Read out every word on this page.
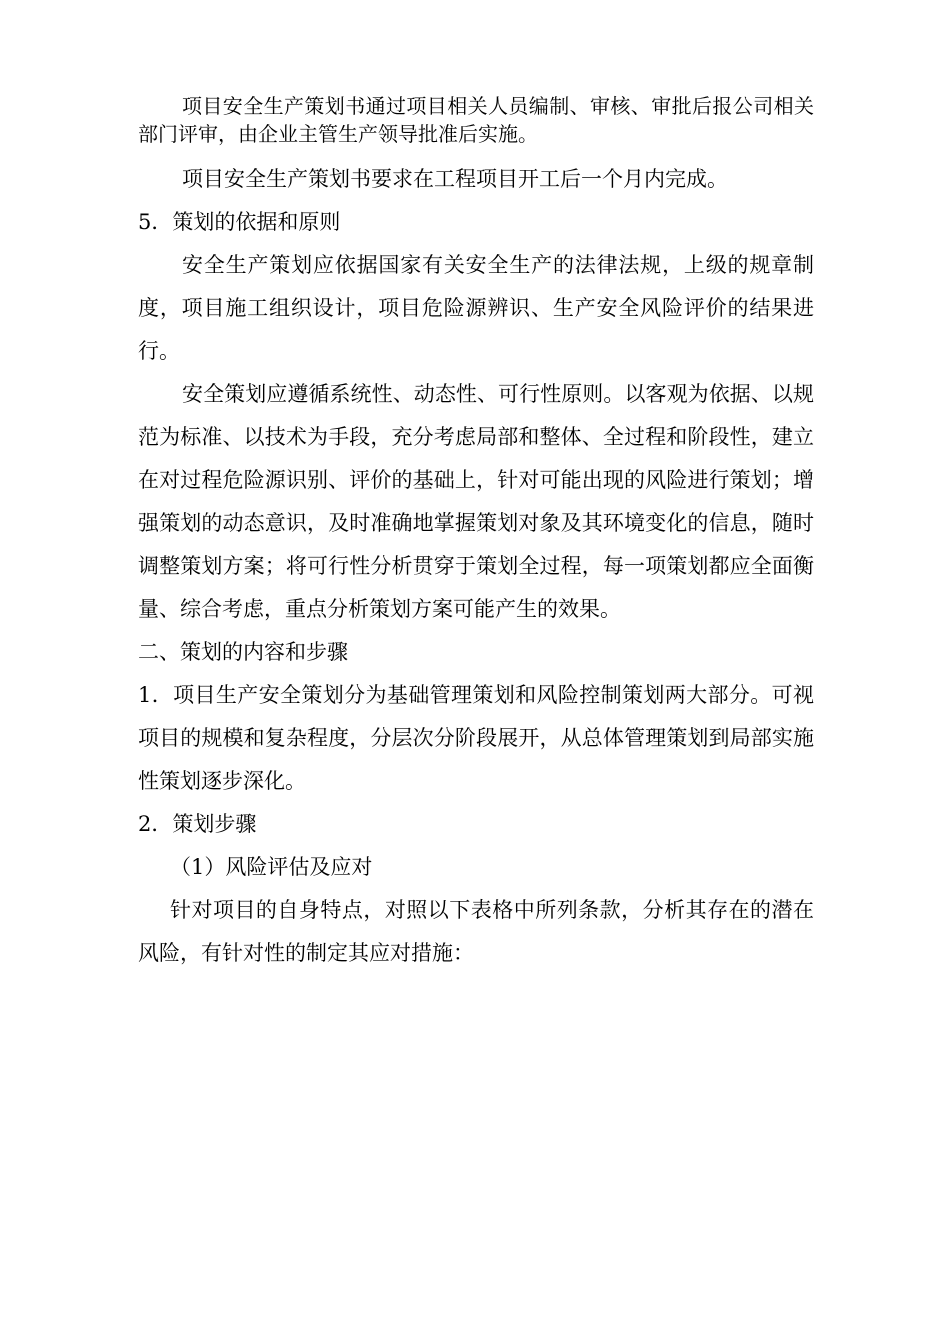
项目安全生产策划书通过项目相关人员编制、审核、审批后报公司相关部门评审，由企业主管生产领导批准后实施。

项目安全生产策划书要求在工程项目开工后一个月内完成。

5．策划的依据和原则

安全生产策划应依据国家有关安全生产的法律法规，上级的规章制度，项目施工组织设计，项目危险源辨识、生产安全风险评价的结果进行。

安全策划应遵循系统性、动态性、可行性原则。以客观为依据、以规范为标准、以技术为手段，充分考虑局部和整体、全过程和阶段性，建立在对过程危险源识别、评价的基础上，针对可能出现的风险进行策划；增强策划的动态意识，及时准确地掌握策划对象及其环境变化的信息，随时调整策划方案；将可行性分析贯穿于策划全过程，每一项策划都应全面衡量、综合考虑，重点分析策划方案可能产生的效果。

二、策划的内容和步骤

1．项目生产安全策划分为基础管理策划和风险控制策划两大部分。可视项目的规模和复杂程度，分层次分阶段展开，从总体管理策划到局部实施性策划逐步深化。

2．策划步骤

（1）风险评估及应对

针对项目的自身特点，对照以下表格中所列条款，分析其存在的潜在风险，有针对性的制定其应对措施：
